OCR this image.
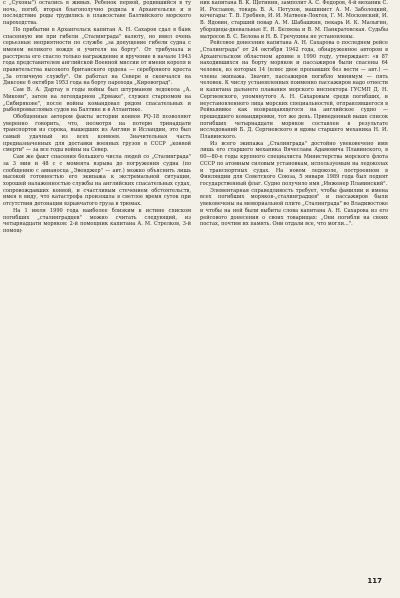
с „Сухоны") остались в живых. Ребенок первой, родившийся в ту ночь, погиб, вторая благополучно родила в Архангельске и в последствие роды трудились в плавсоставе Балтийского морского пароходства.

По прибытии в Архангельск капитан А. Н. Сахаров сдал в банк спасенную им при гибели „Сталинграда" валюту, но имел очень серьезные неприятности по службе „за допущение гибели судна с именем великого вождя и учителя на борту". От трибунала и расстрела его спасло только награждение и вручение в начале 1943 года представителем английской Военной миссии от имени короля и правительства высокого британского ордена — серебряного креста „За отличную службу". Он работал на Севере и скончался на Диксоне 6 октября 1953 года на борту парохода „Кировоград".

Сам В. А. Дартау в годы войны был штурманом ледокола „А. Микоян", затем на легендарном „Ермаке", служил старпомом на „Сибирякове", после войны командовал рядом спасательных и рыбопромысловых судов на Балтике и в Атлантике.

Обобщенные автором факты истории конвоя PQ-18 позволяют уверенно говорить, что, несмотря на потерю тринадцати транспортов из сорока, вышедших из Англии и Исландии, это был самый удачный из всех конвоев. Значительная часть предназначенных для доставки военных грузов в СССР „конвой смерти" — за все годы войны на Север.

Сам же факт спасения большого числа людей со „Сталинграда" за 3 мин и 48 с с момента взрыва до погружения судна (по сообщению с авианосца „Эвенджер" — авт.) можно объяснить лишь высокой готовностью его экипажа к экстремальной ситуации, хорошей налаженностью службы на английских спасательных судах, сопровождавших конвой, и счастливым стечением обстоятельств, имея в виду, что катастрофа произошла в светлое время суток при отсутствии детонации взрывчатого груза в трюмах.

На 1 июля 1990 года наиболее близким к истине списком погибших „сталинградцев" можно считать следующий, из четырнадцати моряков: 2-й помощник капитана А. М. Стрелков, 3-й помощ-

ник капитана В. К. Щетинин, замполит А. С. Федоров, 4-й механик С. И. Рославов, токарь В. А. Петухов, машинист А. М. Заболоцкий, кочегары: Т. В. Гребнев, И. И. Матвеев-Локтев, Г. М. Московский, И. В. Ядовин, старший повар А. М. Шабашкин, пекарь И. К. Малыгин, уборщицы-дневальные Е. Я. Беляева и В. М. Панкратовская. Судьбы матросов В. С. Белова и Н. В. Гречухина не установлены.

Рейсовое донесение капитана А. Н. Сахарова о последнем рейсе „Сталинграда" от 24 октября 1942 года, обнаруженное автором в Архангельском областном архиве в 1990 году, утверждает: «в 87 находившихся на борту моряков и пассажиров были спасены 64 человек, из которых 14 (плюс двое пропавших без вести — авт.) — члены экипажа. Значит, пассажиров погибло минимум — пять человек. К числу установленных поименно пассажиров надо отнести и капитана дальнего плавания морского инспектора ГУСМП Д. Н. Сергиевского, упомянутого А. Н. Сахаровым среди погибших, и неустановленного лица морских специальностей, отправлявшегося в Рейкьявике как возвращающегося на английское судно — прошедшего командировки, тот же день. Приведенный выше список погибших четырнадцати моряков составлен в результате исследований Б. Д. Сергиевского и вдовы старшего механика Н. И. Плавинского.

Из всего экипажа „Сталинграда" достойно увековечено имя лишь его старшего механика Вячеслава Адамовича Плавинского, в 60—80-е годы крупного специалиста Министерства морского флота СССР по атомным силовым установкам, используемым на ледоколах и транспортных судах. На новом ледоколе, построенном в Финляндии для Советского Союза, 5 января 1989 года был поднят государственный флаг. Судно получило имя „Инженер Плавинский".

Элементарная справедливость требует, чтобы фамилии и имена всех погибших моряков-„сталинградцев" и пассажиров были увековечены на мемориальной плите „Сталинграда" во Владивостоке и чтобы на ней были выбиты слова капитана А. Н. Сахарова из его рейсового донесения о своих товарищах: „Они погибли на своих постах, почтим их память. Они отдали все, что могли...".

117
